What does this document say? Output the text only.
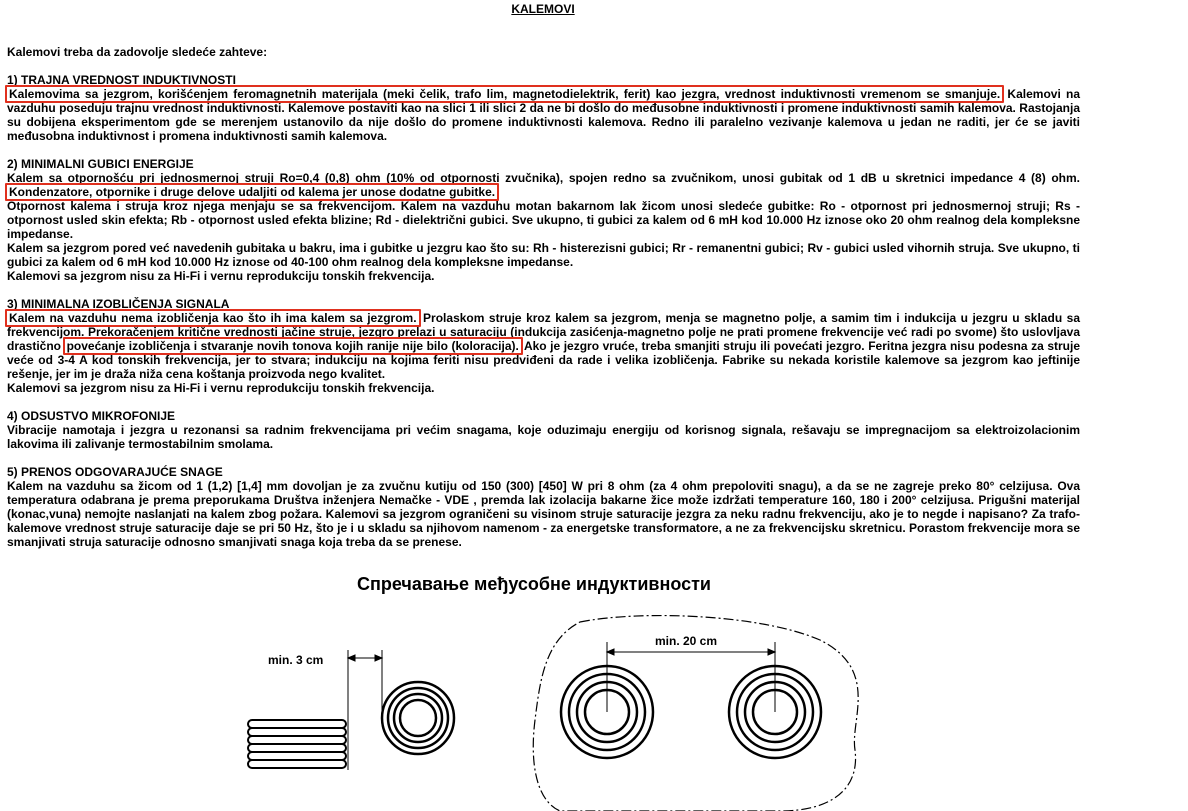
KALEMOVI

Kalemovi treba da zadovolje sledeće zahteve:

1) TRAJNA VREDNOST INDUKTIVNOSTI

Kalemovima sa jezgrom, korišćenjem feromagnetnih materijala (meki čelik, trafo lim, magnetodielektrik, ferit) kao jezgra, vrednost induktivnosti vremenom se smanjuje. Kalemovi na vazduhu poseduju trajnu vrednost induktivnosti. Kalemove postaviti kao na slici 1 ili slici 2 da ne bi došlo do međusobne induktivnosti i promene induktivnosti samih kalemova. Rastojanja su dobijena eksperimentom gde se merenjem ustanovilo da nije došlo do promene induktivnosti kalemova. Redno ili paralelno vezivanje kalemova u jedan ne raditi, jer će se javiti međusobna induktivnost i promena induktivnosti samih kalemova.

2) MINIMALNI GUBICI ENERGIJE

Kalem sa otpornošću pri jednosmernoj struji Ro=0,4 (0,8) ohm (10% od otpornosti zvučnika), spojen redno sa zvučnikom, unosi gubitak od 1 dB u skretnici impedance 4 (8) ohm. Kondenzatore, otpornike i druge delove udaljiti od kalema jer unose dodatne gubitke.

Otpornost kalema i struja kroz njega menjaju se sa frekvencijom. Kalem na vazduhu motan bakarnom lak žicom unosi sledeće gubitke: Rо - otpornost pri jednosmernoj struji; Rs - otpornost usled skin efekta; Rb - otpornost usled efekta blizine; Rd - dielektrični gubici. Sve ukupno, ti gubici za kalem od 6 mH kod 10.000 Hz iznose oko 20 ohm realnog dela kompleksne impedanse.

Kalem sa jezgrom pored već navedenih gubitaka u bakru, ima i gubitke u jezgru kao što su: Rh - histerezisni gubici; Rr - remanentni gubici; Rv - gubici usled vihornih struja. Sve ukupno, ti gubici za kalem od 6 mH kod 10.000 Hz iznose od 40-100 ohm realnog dela kompleksne impedanse.

Kalemovi sa jezgrom nisu za Hi-Fi i vernu reprodukciju tonskih frekvencija.

3) MINIMALNA IZOBLIČENJA SIGNALA

Kalem na vazduhu nema izobličenja kao što ih ima kalem sa jezgrom. Prolaskom struje kroz kalem sa jezgrom, menja se magnetno polje, a samim tim i indukcija u jezgru u skladu sa frekvencijom. Prekoračenjem kritične vrednosti jačine struje, jezgro prelazi u saturaciju (indukcija zasićenja-magnetno polje ne prati promene frekvencije već radi po svome) što uslovljava drastično povećanje izobličenja i stvaranje novih tonova kojih ranije nije bilo (koloracija). Ako je jezgro vruće, treba smanjiti struju ili povećati jezgro. Feritna jezgra nisu podesna za struje veće od 3-4 A kod tonskih frekvencija, jer to stvara; indukciju na kojima feriti nisu predviđeni da rade i velika izobličenja. Fabrike su nekada koristile kalemove sa jezgrom kao jeftinije rešenje, jer im je draža niža cena koštanja proizvoda nego kvalitet.

Kalemovi sa jezgrom nisu za Hi-Fi i vernu reprodukciju tonskih frekvencija.

4) ODSUSTVO MIKROFONIJE

Vibracije namotaja i jezgra u rezonansi sa radnim frekvencijama pri većim snagama, koje oduzimaju energiju od korisnog signala, rešavaju se impregnacijom sa elektroizolacionim lakovima ili zalivanje termostabilnim smolama.

5) PRENOS ODGOVARAJUĆE SNAGE

Kalem na vazduhu sa žicom od 1 (1,2) [1,4] mm dovoljan je za zvučnu kutiju od 150 (300) [450] W pri 8 ohm (za 4 ohm prepoloviti snagu), a da se ne zagreje preko 80° celzijusa. Ova temperatura odabrana je prema preporukama Društva inženjera Nemačke - VDE , premda lak izolacija bakarne žice može izdržati temperature 160, 180 i 200° celzijusa. Prigušni materijal (konac,vuna) nemojte naslanjati na kalem zbog požara. Kalemovi sa jezgrom ograničeni su visinom struje saturacije jezgra za neku radnu frekvenciju, ako je to negde i napisano? Za trafo-kalemove vrednost struje saturacije daje se pri 50 Hz, što je i u skladu sa njihovom namenom - za energetske transformatore, a ne za frekvencijsku skretnicu. Porastom frekvencije mora se smanjivati struja saturacije odnosno smanjivati snaga koja treba da se prenese.

Спречавање међусобне индуктивности
min. 3 cm
min. 20 cm
